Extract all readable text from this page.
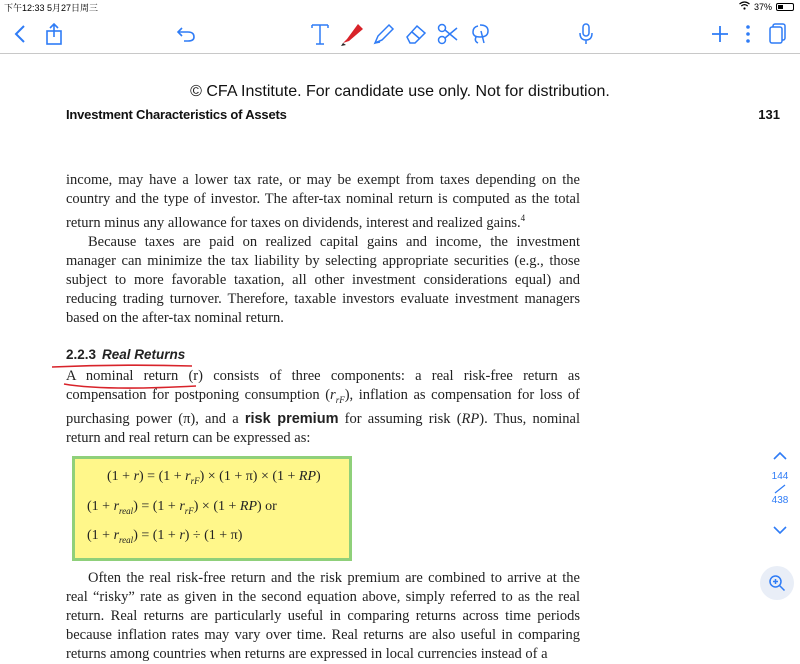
下午12:33 5月27日周三	37%
© CFA Institute. For candidate use only. Not for distribution.
Investment Characteristics of Assets	131

income, may have a lower tax rate, or may be exempt from taxes depending on the country and the type of investor. The after-tax nominal return is computed as the total return minus any allowance for taxes on dividends, interest and realized gains.$^4$

Because taxes are paid on realized capital gains and income, the investment manager can minimize the tax liability by selecting appropriate securities (e.g., those subject to more favorable taxation, all other investment considerations equal) and reducing trading turnover. Therefore, taxable investors evaluate investment managers based on the after-tax nominal return.

2.2.3 Real Returns

A nominal return (r)
consists of three components: a real risk-free return as compensation for postponing consumption $(r_{rF})$, inflation as compensation for loss of purchasing power (π), and a risk premium for assuming risk (RP). Thus, nominal return and real return can be expressed as:

$(1 + r) = (1 + r_{rF}) \times (1 + \pi) \times (1 + RP)$
$(1 + r_{real}) = (1 + r_{rF}) \times (1 + RP)$ or
$(1 + r_{real}) = (1 + r) \div (1 + \pi)$

Often the real risk-free return and the risk premium are combined to arrive at the real “risky” rate as given in the second equation above, simply referred to as the real return. Real returns are particularly useful in comparing returns across time periods because inflation rates may vary over time. Real returns are also useful in comparing returns among countries when returns are expressed in local currencies instead of a

144
438
